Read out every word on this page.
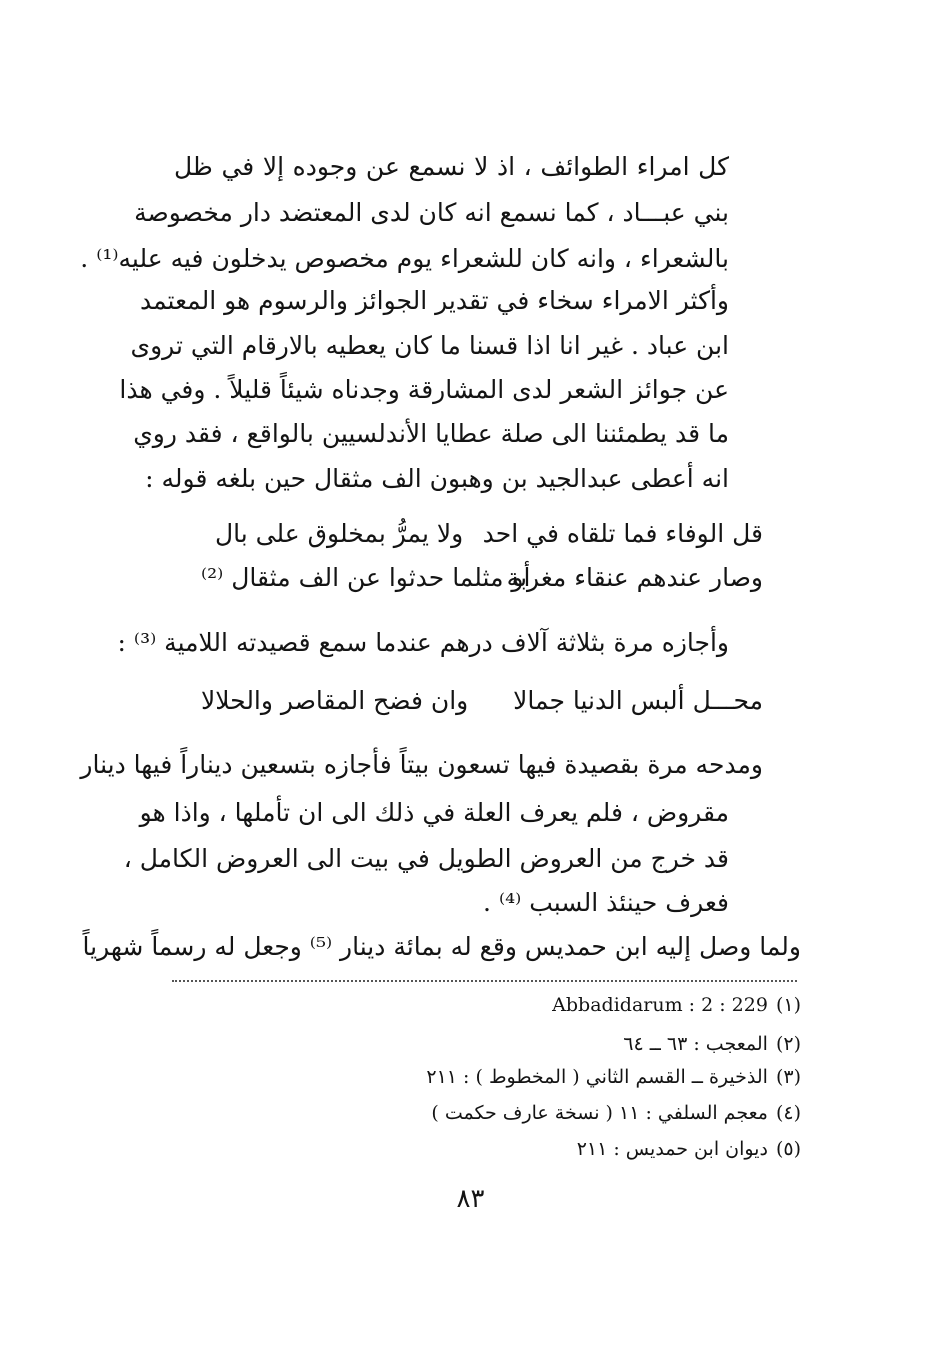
كل امراء الطوائف ، اذ لا نسمع عن وجوده إلا في ظل
بني عبـــاد ، كما نسمع انه كان لدى المعتضد دار مخصوصة
بالشعراء ، وانه كان للشعراء يوم مخصوص يدخلون فيه عليه⁽¹⁾ .
وأكثر الامراء سخاء في تقدير الجوائز والرسوم هو المعتمد
ابن عباد . غير انا اذا قسنا ما كان يعطيه بالارقام التي تروى
عن جوائز الشعر لدى المشارقة وجدناه شيئاً قليلاً . وفي هذا
ما قد يطمئننا الى صلة عطايا الأندلسيين بالواقع ، فقد روي
انه أعطى عبدالجيد بن وهبون الف مثقال حين بلغه قوله :
قل الوفاء فما تلقاه في احد
ولا يمرُّ بمخلوق على بال
وصار عندهم عنقاء مغربة
أو مثلما حدثوا عن الف مثقال ⁽²⁾
وأجازه مرة بثلاثة آلاف درهم عندما سمع قصيدته اللامية ⁽³⁾ :
محـــل ألبس الدنيا جمالا
وان فضح المقاصر والحلالا
ومدحه مرة بقصيدة فيها تسعون بيتاً فأجازه بتسعين ديناراً فيها دينار
مقروض ، فلم يعرف العلة في ذلك الى ان تأملها ، واذا هو
قد خرج من العروض الطويل في بيت الى العروض الكامل ،
فعرف حينئذ السبب ⁽⁴⁾ .
ولما وصل إليه ابن حمديس وقع له بمائة دينار ⁽⁵⁾ وجعل له رسماً شهرياً
(١)Abbadidarum : 2 : 229
(٢)المعجب : ٦٣ ــ ٦٤
(٣)الذخيرة ــ القسم الثاني ( المخطوط ) : ٢١١
(٤)معجم السلفي : ١١ ( نسخة عارف حكمت )
(٥)ديوان ابن حمديس : ٢١١
٨٣
